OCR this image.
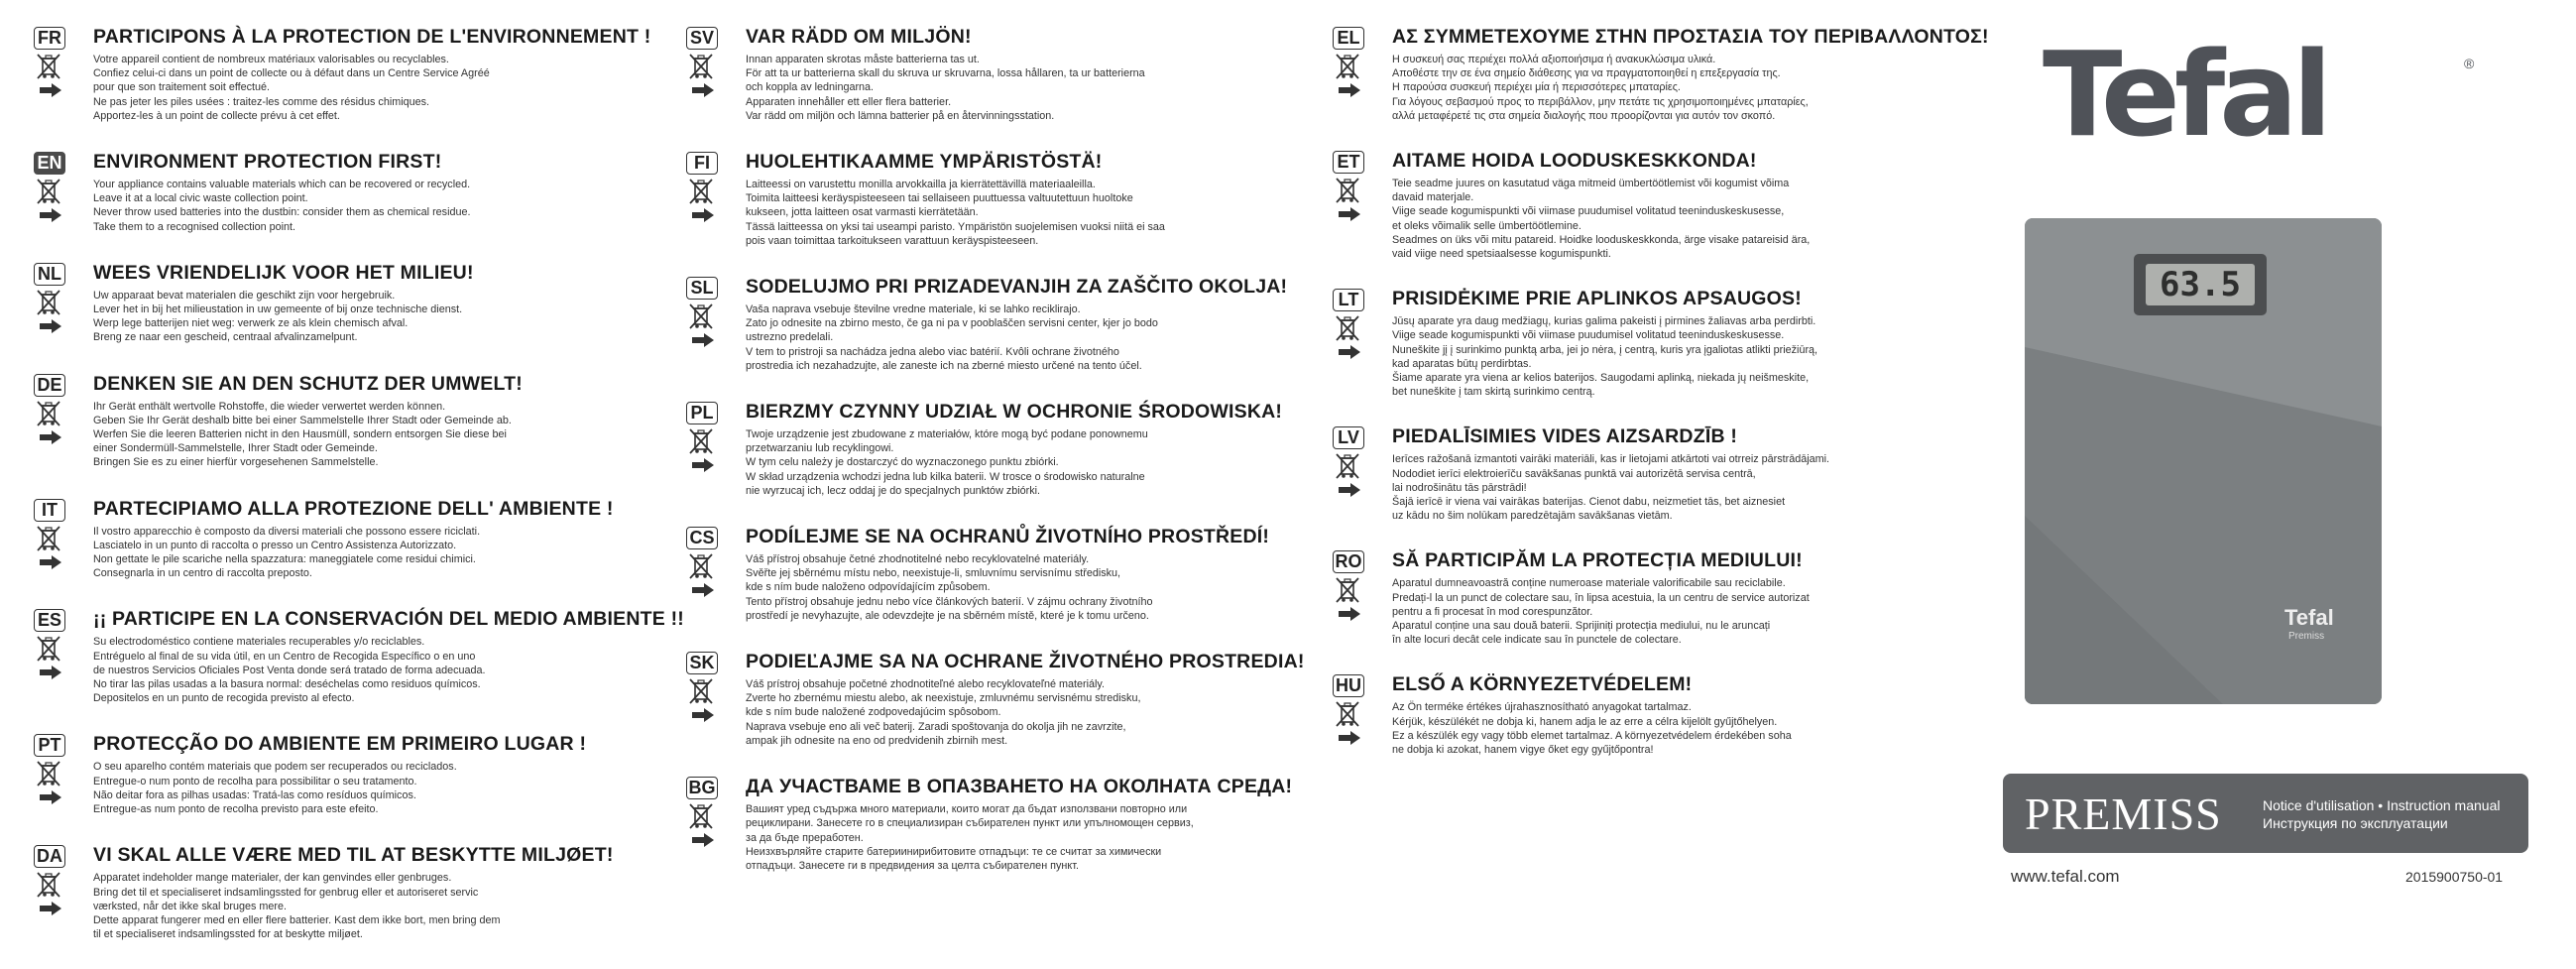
FR PARTICIPONS À LA PROTECTION DE L'ENVIRONNEMENT !
Votre appareil contient de nombreux matériaux valorisables ou recyclables.
Confiez celui-ci dans un point de collecte ou à défaut dans un Centre Service Agréé
pour que son traitement soit effectué.
Ne pas jeter les piles usées : traitez-les comme des résidus chimiques.
Apportez-les à un point de collecte prévu à cet effet.
EN ENVIRONMENT PROTECTION FIRST!
Your appliance contains valuable materials which can be recovered or recycled.
Leave it at a local civic waste collection point.
Never throw used batteries into the dustbin: consider them as chemical residue.
Take them to a recognised collection point.
NL WEES VRIENDELIJK VOOR HET MILIEU!
Uw apparaat bevat materialen die geschikt zijn voor hergebruik.
Lever het in bij het milieustation in uw gemeente of bij onze technische dienst.
Werp lege batterijen niet weg: verwerk ze als klein chemisch afval.
Breng ze naar een gescheid, centraal afvalinzamelpunt.
DE DENKEN SIE AN DEN SCHUTZ DER UMWELT!
Ihr Gerät enthält wertvolle Rohstoffe, die wieder verwertet werden können.
Geben Sie Ihr Gerät deshalb bitte bei einer Sammelstelle Ihrer Stadt oder Gemeinde ab.
Werfen Sie die leeren Batterien nicht in den Hausmüll, sondern entsorgen Sie diese bei
einer Sondermüll-Sammelstelle, Ihrer Stadt oder Gemeinde.
Bringen Sie es zu einer hierfür vorgesehenen Sammelstelle.
IT	PARTECIPIAMO ALLA PROTEZIONE DELL' AMBIENTE !
Il vostro apparecchio è composto da diversi materiali che possono essere riciclati.
Lasciatelo in un punto di raccolta o presso un Centro Assistenza Autorizzato.
Non gettate le pile scariche nella spazzatura: maneggiatele come residui chimici.
Consegnarla in un centro di raccolta preposto.
ES ¡¡ PARTICIPE EN LA CONSERVACIÓN DEL MEDIO AMBIENTE !!
Su electrodoméstico contiene materiales recuperables y/o reciclables.
Entréguelo al final de su vida útil, en un Centro de Recogida Específico o en uno
de nuestros Servicios Oficiales Post Venta donde será tratado de forma adecuada.
No tirar las pilas usadas a la basura normal: deséchelas como residuos químicos.
Depositelos en un punto de recogida previsto al efecto.
PT PROTECÇÃO DO AMBIENTE EM PRIMEIRO LUGAR !
O seu aparelho contém materiais que podem ser recuperados ou reciclados.
Entregue-o num ponto de recolha para possibilitar o seu tratamento.
Não deitar fora as pilhas usadas: Tratá-las como resíduos químicos.
Entregue-as num ponto de recolha previsto para este efeito.
DA VI SKAL ALLE VÆRE MED TIL AT BESKYTTE MILJØET!
Apparatet indeholder mange materialer, der kan genvindes eller genbruges.
Bring det til et specialiseret indsamlingssted for genbrug eller et autoriseret servic
værksted, når det ikke skal bruges mere.
Dette apparat fungerer med en eller flere batterier. Kast dem ikke bort, men bring dem
til et specialiseret indsamlingssted for at beskytte miljøet.
SV VAR RÄDD OM MILJÖN!
Innan apparaten skrotas måste batterierna tas ut.
För att ta ur batterierna skall du skruva ur skruvarna, lossa hållaren, ta ur batterierna
och koppla av ledningarna.
Apparaten innehåller ett eller flera batterier.
Var rädd om miljön och lämna batterier på en återvinningsstation.
FI	HUOLEHTIKAAMME YMPÄRISTÖSTÄ!
Laitteessi on varustettu monilla arvokkailla ja kierrätettävillä materiaaleilla.
Toimita laitteesi keräyspisteeseen tai sellaiseen puuttuessa valtuutettuun huoltoke
kukseen, jotta laitteen osat varmasti kierrätetään.
Tässä laitteessa on yksi tai useampi paristo. Ympäristön suojelemisen vuoksi niitä ei saa
pois vaan toimittaa tarkoitukseen varattuun keräyspisteeseen.
SL SODELUJMO PRI PRIZADEVANJIH ZA ZAŠČITO OKOLJA!
Vaša naprava vsebuje številne vredne materiale, ki se lahko reciklirajo.
Zato jo odnesite na zbirno mesto, če ga ni pa v pooblaščen servisni center, kjer jo bodo
ustrezno predelali.
V tem to pristroji sa nachádza jedna alebo viac batérií. Kvôli ochrane životného
prostredia ich nezahadzujte, ale zaneste ich na zberné miesto určené na tento účel.
PL BIERZMY CZYNNY UDZIAŁ W OCHRONIE ŚRODOWISKA!
Twoje urządzenie jest zbudowane z materiałów, które mogą być podane ponownemu
przetwarzaniu lub recyklingowi.
W tym celu należy je dostarczyć do wyznaczonego punktu zbiórki.
W skład urządzenia wchodzi jedna lub kilka baterii. W trosce o środowisko naturalne
nie wyrzucaj ich, lecz oddaj je do specjalnych punktów zbiórki.
CS PODÍLEJME SE NA OCHRANŮ ŽIVOTNÍHO PROSTŘEDÍ!
Váš přístroj obsahuje četné zhodnotitelné nebo recyklovatelné materiály.
Svěřte jej sběrnému místu nebo, neexistuje-li, smluvnímu servisnímu středisku,
kde s ním bude naloženo odpovídajícím způsobem.
Tento přístroj obsahuje jednu nebo více článkových baterií. V zájmu ochrany životního
prostředí je nevyhazujte, ale odevzdejte je na sběrném místě, které je k tomu určeno.
SK PODIEĽAJME SA NA OCHRANE ŽIVOTNÉHO PROSTREDIA!
Váš prístroj obsahuje početné zhodnotiteľné alebo recyklovateľné materiály.
Zverte ho zbernému miestu alebo, ak neexistuje, zmluvnému servisnému stredisku,
kde s ním bude naložené zodpovedajúcim spôsobom.
Naprava vsebuje eno ali več baterij. Zaradi spoštovanja do okolja jih ne zavrzite,
ampak jih odnesite na eno od predvidenih zbirnih mest.
BG ДА УЧАСТВАМЕ В ОПАЗВАНЕТО НА ОКОЛНАТА СРЕДА!
Вашият уред съдържа много материали, които могат да бъдат използвани повторно или
рециклирани. Занесете го в специализиран събирателен пункт или упълномощен сервиз,
за да бъде преработен.
Неизхвърляйте старите батериинирибитовите отпадъци: те се считат за химически
отпадъци. Занесете ги в предвидения за целта събирателен пункт.
EL ΑΣ ΣΥΜΜΕΤΕΧΟΥΜΕ ΣΤΗΝ ΠΡΟΣΤΑΣΙΑ ΤΟΥ ΠΕΡΙΒΑΛΛΟΝΤΟΣ!
Η συσκευή σας περιέχει πολλά αξιοποιήσιμα ή ανακυκλώσιμα υλικά.
Αποθέστε την σε ένα σημείο διάθεσης για να πραγματοποιηθεί η επεξεργασία της.
Η παρούσα συσκευή περιέχει μία ή περισσότερες μπαταρίες.
Για λόγους σεβασμού προς το περιβάλλον, μην πετάτε τις χρησιμοποιημένες μπαταρίες,
αλλά μεταφέρετέ τις στα σημεία διαλογής που προορίζονται για αυτόν τον σκοπό.
ET AITAME HOIDA LOODUSKESKKONDA!
Teie seadme juures on kasutatud väga mitmeid ümbertöötlemist või kogumist võima
davaid materjale.
Viige seade kogumispunkti või viimase puudumisel volitatud teeninduskeskusesse,
et oleks võimalik selle ümbertöötlemine.
Seadmes on üks või mitu patareid. Hoidke looduskeskkonda, ärge visake patareisid ära,
vaid viige need spetsiaalsesse kogumispunkti.
LT PRISIDĖKIME PRIE APLINKOS APSAUGOS!
Jūsų aparate yra daug medžiagų, kurias galima pakeisti į pirmines žaliavas arba perdirbti.
Viige seade kogumispunkti või viimase puudumisel volitatud teeninduskeskusesse.
Nuneškite jį į surinkimo punktą arba, jei jo nėra, į centrą, kuris yra įgaliotas atlikti priežiūrą,
kad aparatas būtų perdirbtas.
Šiame aparate yra viena ar kelios baterijos. Saugodami aplinką, niekada jų neišmeskite,
bet nuneškite į tam skirtą surinkimo centrą.
LV PIEDALĪSIMIES VIDES AIZSARDZĪB !
Ierīces ražošanā izmantoti vairāki materiāli, kas ir lietojami atkārtoti vai otrreiz pārstrādājami.
Nododiet ierīci elektroierīču savākšanas punktā vai autorizētā servisa centrā,
lai nodrošinātu tās pārstrādi!
Šajā ierīcē ir viena vai vairākas baterijas. Cienot dabu, neizmetiet tās, bet aiznesiet
uz kādu no šim nolūkam paredzētajām savākšanas vietām.
RO SĂ PARTICIPĂM LA PROTECȚIA MEDIULUI!
Aparatul dumneavoastră conține numeroase materiale valorificabile sau reciclabile.
Predați-l la un punct de colectare sau, în lipsa acestuia, la un centru de service autorizat
pentru a fi procesat în mod corespunzător.
Aparatul conține una sau două baterii. Sprijiniți protecția mediului, nu le aruncați
în alte locuri decât cele indicate sau în punctele de colectare.
HU ELSŐ A KÖRNYEZETVÉDELEM!
Az Ön terméke értékes újrahasznosítható anyagokat tartalmaz.
Kérjük, készülékét ne dobja ki, hanem adja le az erre a célra kijelölt gyűjtőhelyen.
Ez a készülék egy vagy több elemet tartalmaz. A környezetvédelem érdekében soha
ne dobja ki azokat, hanem vigye őket egy gyűjtőpontra!
Tefal	®
63.5
Tefal
Premiss
PREMISS	Notice d'utilisation • Instruction manual
Инструкция по эксплуатации
www.tefal.com	2015900750-01
